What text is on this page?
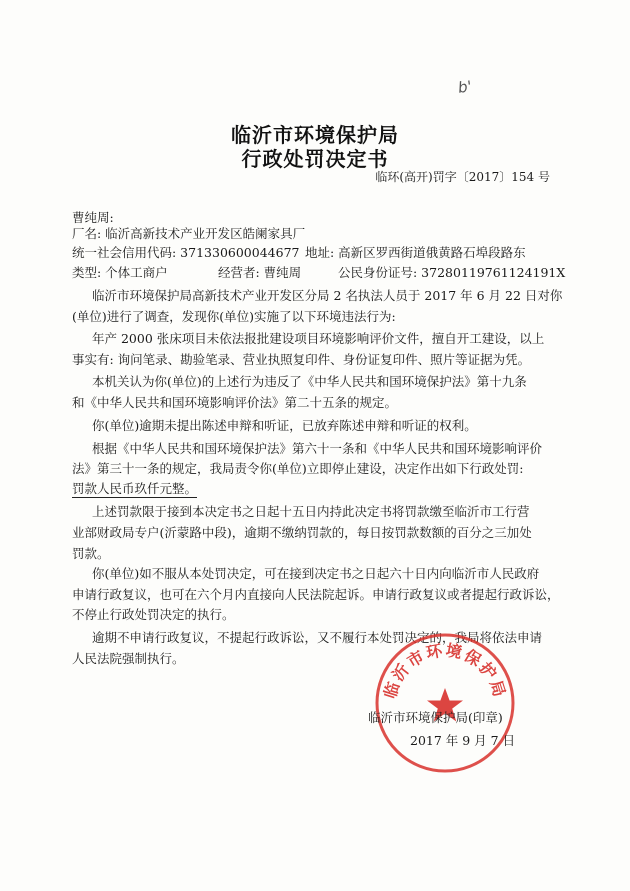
b'
临沂市环境保护局
行政处罚决定书
临环(高开)罚字〔2017〕154 号
曹纯周:
厂名: 临沂高新技术产业开发区皓阑家具厂
统一社会信用代码: 371330600044677 地址: 高新区罗西街道俄黄路石埠段路东
类型: 个体工商户	经营者: 曹纯周	公民身份证号: 37280119761124191X
临沂市环境保护局高新技术产业开发区分局 2 名执法人员于 2017 年 6 月 22 日对你
(单位)进行了调查，发现你(单位)实施了以下环境违法行为:
年产 2000 张床项目未依法报批建设项目环境影响评价文件，擅自开工建设，以上
事实有: 询问笔录、勘验笔录、营业执照复印件、身份证复印件、照片等证据为凭。
本机关认为你(单位)的上述行为违反了《中华人民共和国环境保护法》第十九条
和《中华人民共和国环境影响评价法》第二十五条的规定。
你(单位)逾期未提出陈述申辩和听证，已放弃陈述申辩和听证的权利。
根据《中华人民共和国环境保护法》第六十一条和《中华人民共和国环境影响评价
法》第三十一条的规定，我局责令你(单位)立即停止建设，决定作出如下行政处罚:
罚款人民币玖仟元整。
上述罚款限于接到本决定书之日起十五日内持此决定书将罚款缴至临沂市工行营
业部财政局专户(沂蒙路中段)，逾期不缴纳罚款的，每日按罚款数额的百分之三加处
罚款。
你(单位)如不服从本处罚决定，可在接到决定书之日起六十日内向临沂市人民政府
申请行政复议，也可在六个月内直接向人民法院起诉。申请行政复议或者提起行政诉讼，
不停止行政处罚决定的执行。
逾期不申请行政复议，不提起行政诉讼，又不履行本处罚决定的，我局将依法申请
人民法院强制执行。
临沂市环境保护局
临沂市环境保护局(印章)
2017 年 9 月 7 日
